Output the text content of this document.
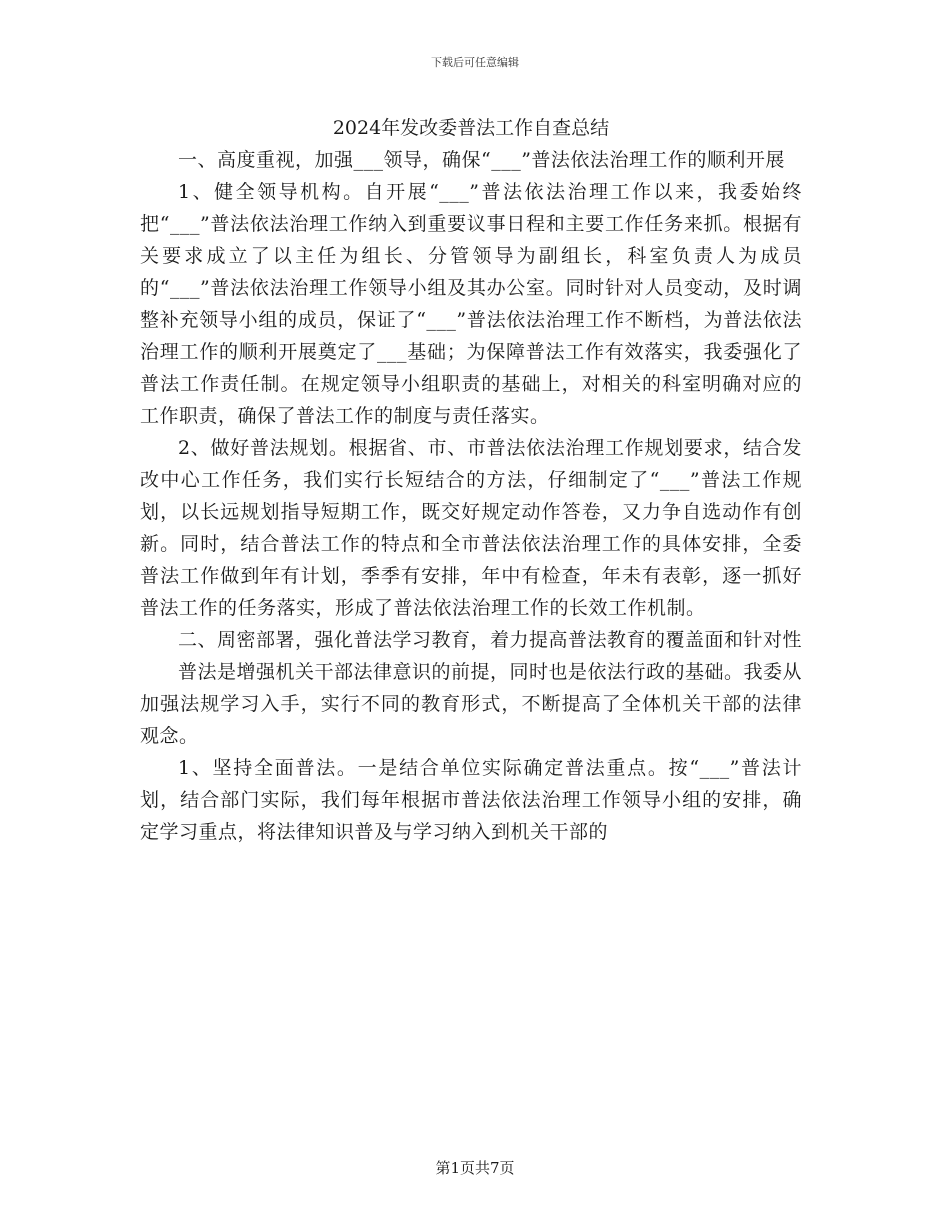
下载后可任意编辑
2024年发改委普法工作自查总结

一、高度重视，加强___领导，确保“___”普法依法治理工作的顺利开展

1、健全领导机构。自开展“___”普法依法治理工作以来，我委始终把“___”普法依法治理工作纳入到重要议事日程和主要工作任务来抓。根据有关要求成立了以主任为组长、分管领导为副组长，科室负责人为成员的“___”普法依法治理工作领导小组及其办公室。同时针对人员变动，及时调整补充领导小组的成员，保证了“___”普法依法治理工作不断档，为普法依法治理工作的顺利开展奠定了___基础；为保障普法工作有效落实，我委强化了普法工作责任制。在规定领导小组职责的基础上，对相关的科室明确对应的工作职责，确保了普法工作的制度与责任落实。

2、做好普法规划。根据省、市、市普法依法治理工作规划要求，结合发改中心工作任务，我们实行长短结合的方法，仔细制定了“___”普法工作规划，以长远规划指导短期工作，既交好规定动作答卷，又力争自选动作有创新。同时，结合普法工作的特点和全市普法依法治理工作的具体安排，全委普法工作做到年有计划，季季有安排，年中有检查，年未有表彰，逐一抓好普法工作的任务落实，形成了普法依法治理工作的长效工作机制。

二、周密部署，强化普法学习教育，着力提高普法教育的覆盖面和针对性

普法是增强机关干部法律意识的前提，同时也是依法行政的基础。我委从加强法规学习入手，实行不同的教育形式，不断提高了全体机关干部的法律观念。

1、坚持全面普法。一是结合单位实际确定普法重点。按“___”普法计划，结合部门实际，我们每年根据市普法依法治理工作领导小组的安排，确定学习重点，将法律知识普及与学习纳入到机关干部的

第1页共7页
